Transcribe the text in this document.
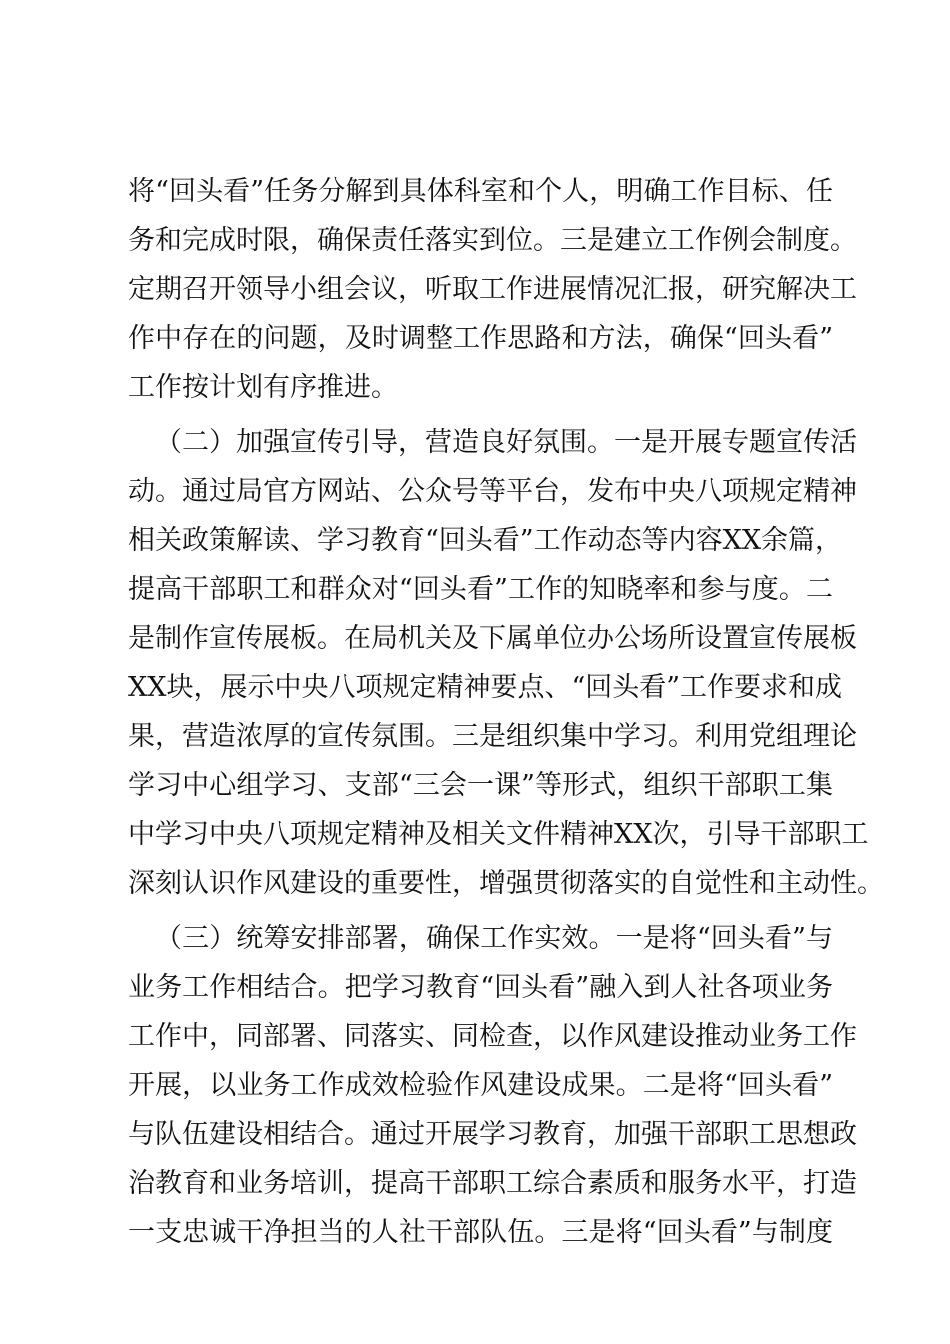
将“回头看”任务分解到具体科室和个人，明确工作目标、任
务和完成时限，确保责任落实到位。三是建立工作例会制度。
定期召开领导小组会议，听取工作进展情况汇报，研究解决工
作中存在的问题，及时调整工作思路和方法，确保“回头看”
工作按计划有序推进。
（二）加强宣传引导，营造良好氛围。一是开展专题宣传活
动。通过局官方网站、公众号等平台，发布中央八项规定精神
相关政策解读、学习教育“回头看”工作动态等内容XX余篇，
提高干部职工和群众对“回头看”工作的知晓率和参与度。二
是制作宣传展板。在局机关及下属单位办公场所设置宣传展板
XX块，展示中央八项规定精神要点、“回头看”工作要求和成
果，营造浓厚的宣传氛围。三是组织集中学习。利用党组理论
学习中心组学习、支部“三会一课”等形式，组织干部职工集
中学习中央八项规定精神及相关文件精神XX次，引导干部职工
深刻认识作风建设的重要性，增强贯彻落实的自觉性和主动性。
（三）统筹安排部署，确保工作实效。一是将“回头看”与
业务工作相结合。把学习教育“回头看”融入到人社各项业务
工作中，同部署、同落实、同检查，以作风建设推动业务工作
开展，以业务工作成效检验作风建设成果。二是将“回头看”
与队伍建设相结合。通过开展学习教育，加强干部职工思想政
治教育和业务培训，提高干部职工综合素质和服务水平，打造
一支忠诚干净担当的人社干部队伍。三是将“回头看”与制度
